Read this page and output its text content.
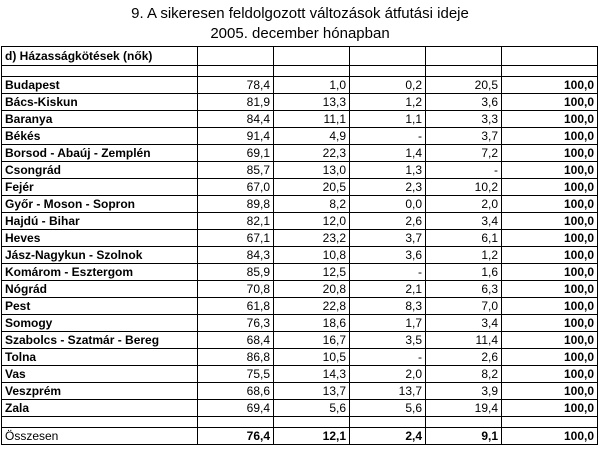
9. A sikeresen feldolgozott változások átfutási ideje
2005. december hónapban
d) Házasságkötések (nők)					

Budapest	78,4	1,0	0,2	20,5	100,0
Bács-Kiskun	81,9	13,3	1,2	3,6	100,0
Baranya	84,4	11,1	1,1	3,3	100,0
Békés	91,4	4,9	-	3,7	100,0
Borsod - Abaúj - Zemplén	69,1	22,3	1,4	7,2	100,0
Csongrád	85,7	13,0	1,3	-	100,0
Fejér	67,0	20,5	2,3	10,2	100,0
Győr - Moson - Sopron	89,8	8,2	0,0	2,0	100,0
Hajdú - Bihar	82,1	12,0	2,6	3,4	100,0
Heves	67,1	23,2	3,7	6,1	100,0
Jász-Nagykun - Szolnok	84,3	10,8	3,6	1,2	100,0
Komárom - Esztergom	85,9	12,5	-	1,6	100,0
Nógrád	70,8	20,8	2,1	6,3	100,0
Pest	61,8	22,8	8,3	7,0	100,0
Somogy	76,3	18,6	1,7	3,4	100,0
Szabolcs - Szatmár - Bereg	68,4	16,7	3,5	11,4	100,0
Tolna	86,8	10,5	-	2,6	100,0
Vas	75,5	14,3	2,0	8,2	100,0
Veszprém	68,6	13,7	13,7	3,9	100,0
Zala	69,4	5,6	5,6	19,4	100,0

Összesen	76,4	12,1	2,4	9,1	100,0
